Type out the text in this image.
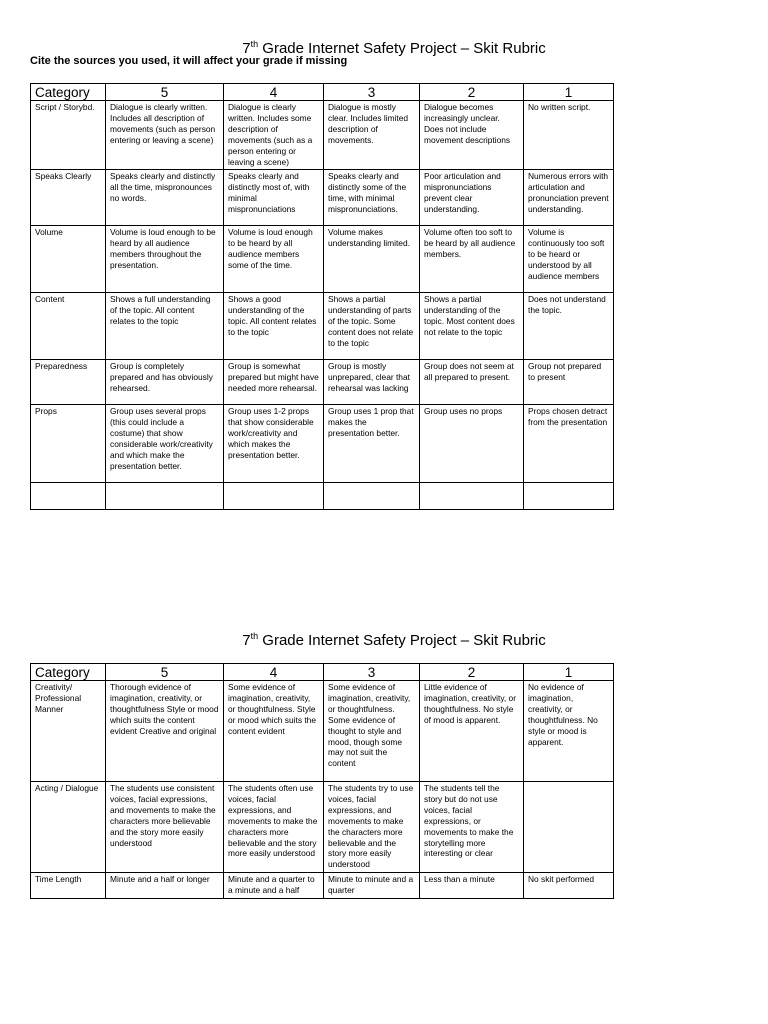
7th Grade Internet Safety Project – Skit Rubric
Cite the sources you used, it will affect your grade if missing
Category	5	4	3	2	1
Script / Storybd.	Dialogue is clearly written. Includes all description of movements (such as person entering or leaving a scene)	Dialogue is clearly written. Includes some description of movements (such as a person entering or leaving a scene)	Dialogue is mostly clear. Includes limited description of movements.	Dialogue becomes increasingly unclear. Does not include movement descriptions	No written script.
Speaks Clearly	Speaks clearly and distinctly all the time, mispronounces no words.	Speaks clearly and distinctly most of, with minimal mispronunciations	Speaks clearly and distinctly some of the time, with minimal mispronunciations.	Poor articulation and mispronunciations prevent clear understanding.	Numerous errors with articulation and pronunciation prevent understanding.
Volume	Volume is loud enough to be heard by all audience members throughout the presentation.	Volume is loud enough to be heard by all audience members some of the time.	Volume makes understanding limited.	Volume often too soft to be heard by all audience members.	Volume is continuously too soft to be heard or understood by all audience members
Content	Shows a full understanding of the topic. All content relates to the topic	Shows a good understanding of the topic. All content relates to the topic	Shows a partial understanding of parts of the topic. Some content does not relate to the topic	Shows a partial understanding of the topic. Most content does not relate to the topic	Does not understand the topic.
Preparedness	Group is completely prepared and has obviously rehearsed.	Group is somewhat prepared but might have needed more rehearsal.	Group is mostly unprepared, clear that rehearsal was lacking	Group does not seem at all prepared to present.	Group not prepared to present
Props	Group uses several props (this could include a costume) that show considerable work/creativity and which make the presentation better.	Group uses 1-2 props that show considerable work/creativity and which makes the presentation better.	Group uses 1 prop that makes the presentation better.	Group uses no props	Props chosen detract from the presentation

7th Grade Internet Safety Project – Skit Rubric
Category	5	4	3	2	1
Creativity/ Professional Manner	Thorough evidence of imagination, creativity, or thoughtfulness Style or mood which suits the content evident Creative and original	Some evidence of imagination, creativity, or thoughtfulness. Style or mood which suits the content evident	Some evidence of imagination, creativity, or thoughtfulness. Some evidence of thought to style and mood, though some may not suit the content	Little evidence of imagination, creativity, or thoughtfulness. No style of mood is apparent.	No evidence of imagination, creativity, or thoughtfulness. No style or mood is apparent.
Acting / Dialogue	The students use consistent voices, facial expressions, and movements to make the characters more believable and the story more easily understood	The students often use voices, facial expressions, and movements to make the characters more believable and the story more easily understood	The students try to use voices, facial expressions, and movements to make the characters more believable and the story more easily understood	The students tell the story but do not use voices, facial expressions, or movements to make the storytelling more interesting or clear	
Time Length	Minute and a half or longer	Minute and a quarter to a minute and a half	Minute to minute and a quarter	Less than a minute	No skit performed
